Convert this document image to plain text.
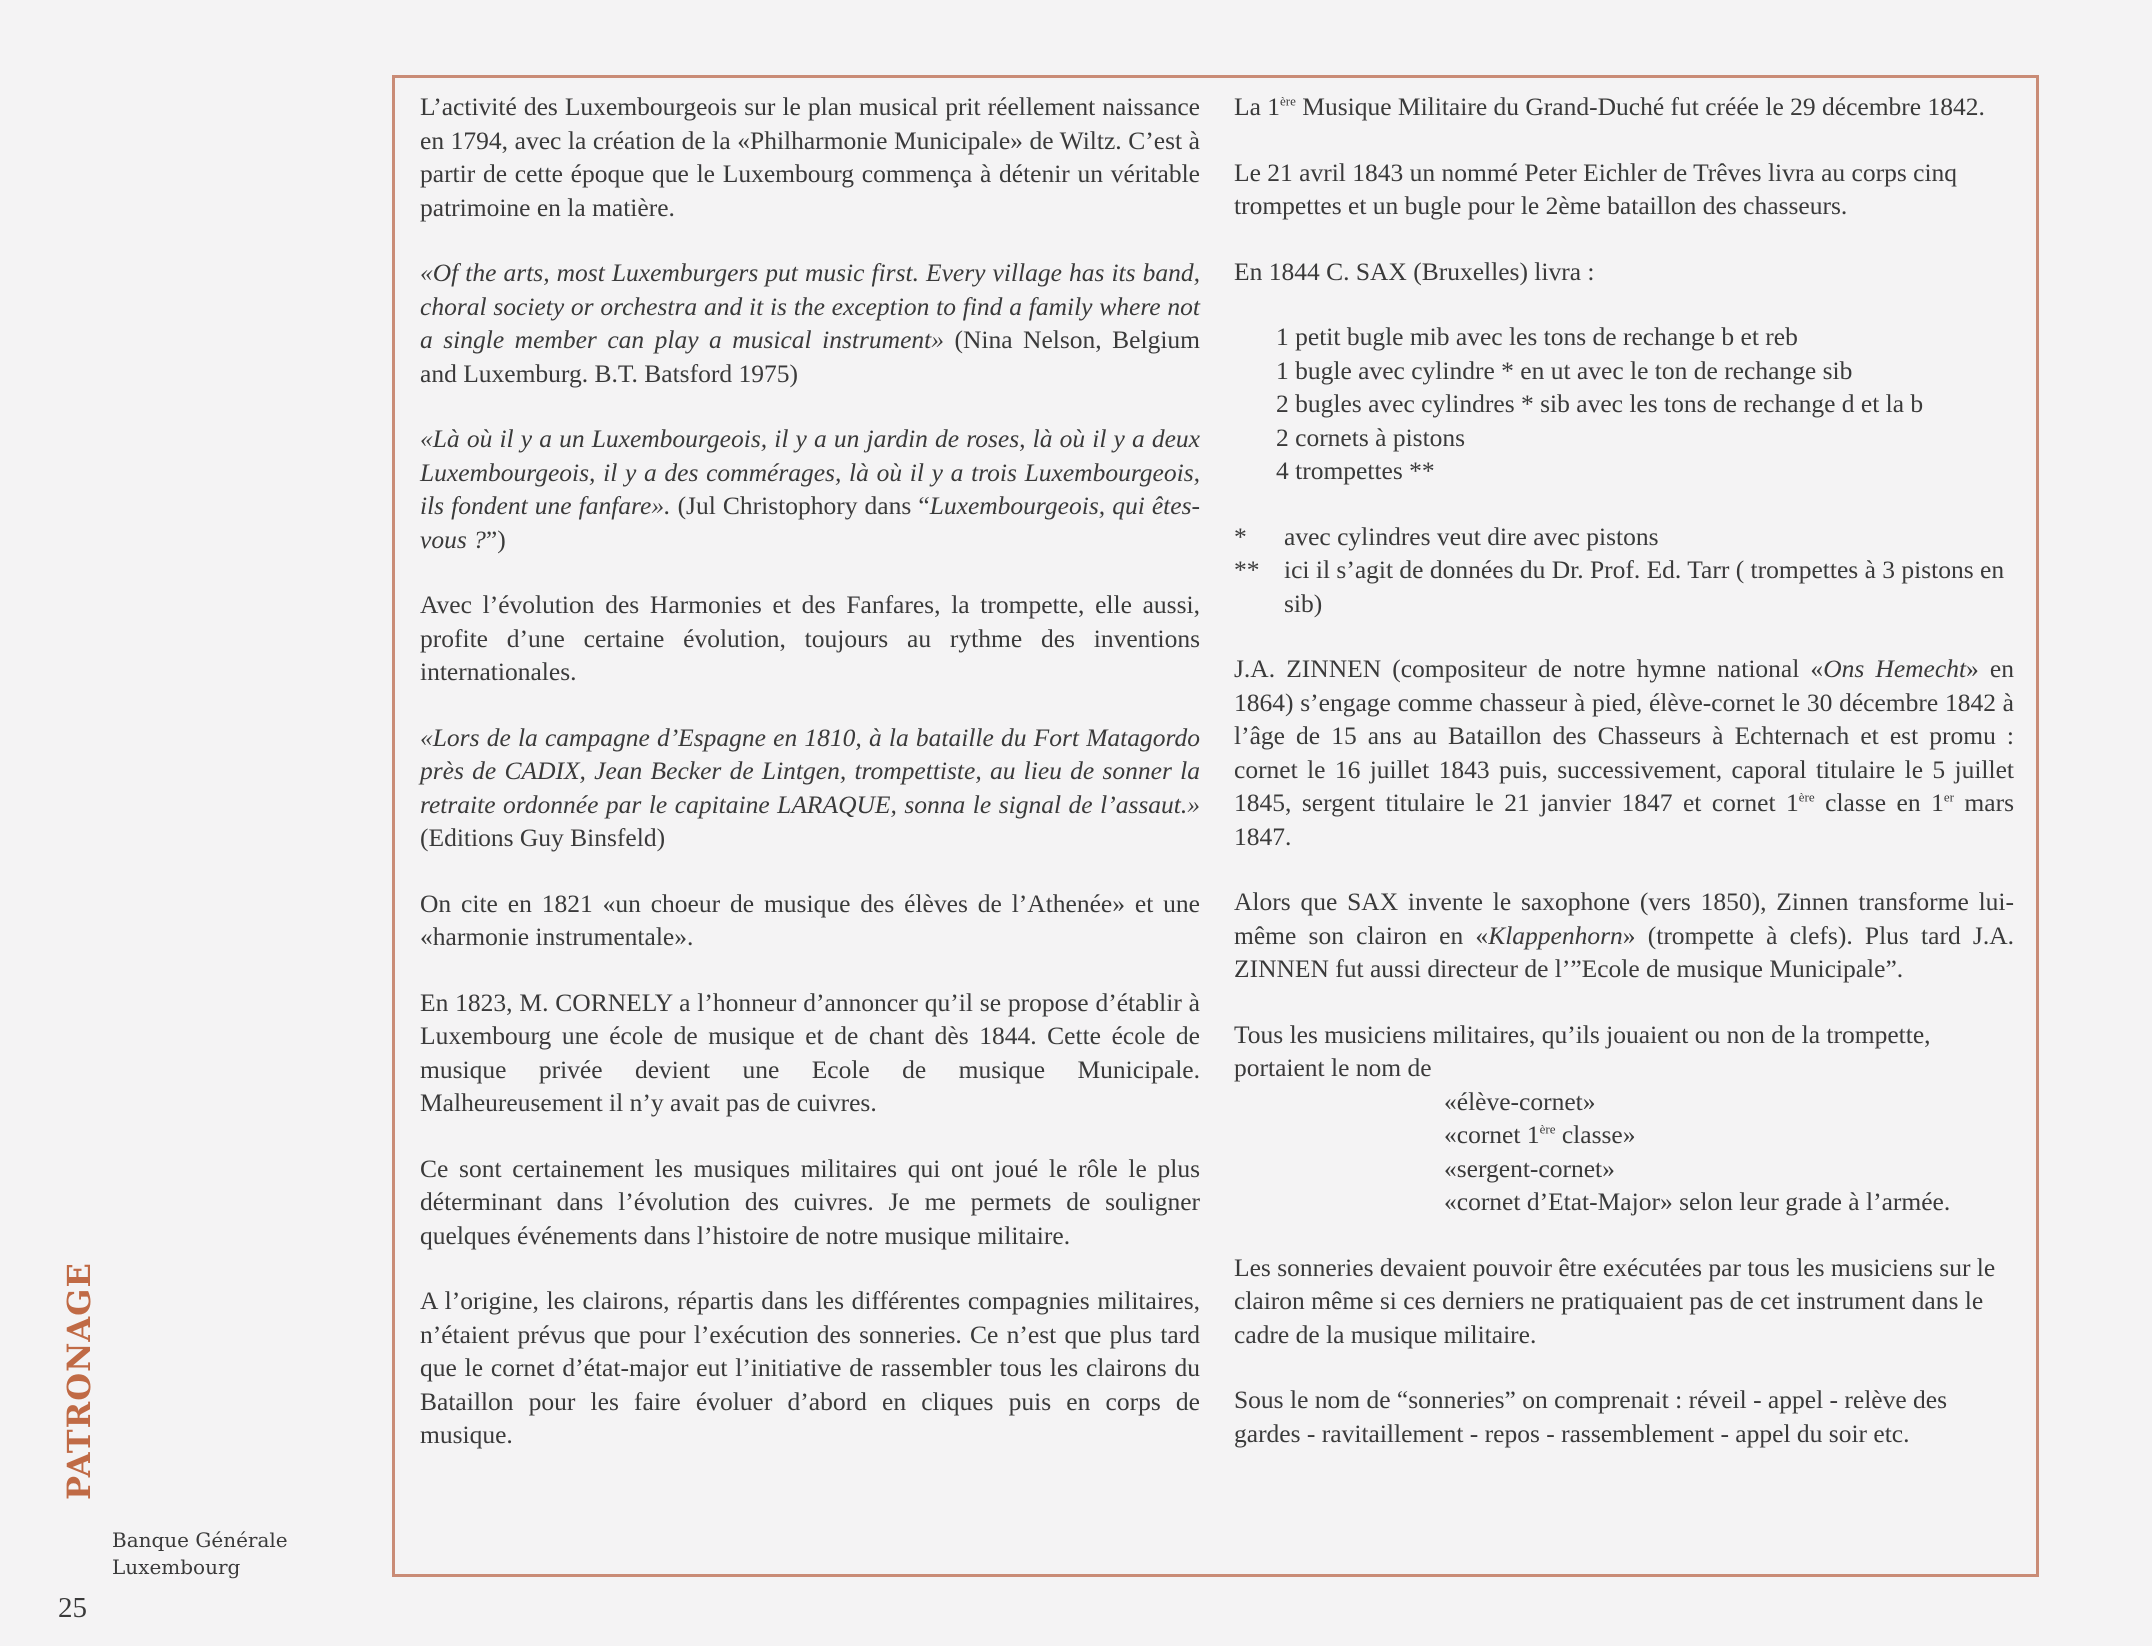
PATRONAGE
Banque Générale
Luxembourg
25

L’activité des Luxembourgeois sur le plan musical prit réellement naissance en 1794, avec la création de la «Philharmonie Municipale» de Wiltz. C’est à partir de cette époque que le Luxembourg commença à détenir un véritable patrimoine en la matière.

«Of the arts, most Luxemburgers put music first. Every village has its band, choral society or orchestra and it is the exception to find a family where not a single member can play a musical instrument» (Nina Nelson, Belgium and Luxemburg. B.T. Batsford 1975)

«Là où il y a un Luxembourgeois, il y a un jardin de roses, là où il y a deux Luxembourgeois, il y a des commérages, là où il y a trois Luxembourgeois, ils fondent une fanfare». (Jul Christophory dans “Luxembourgeois, qui êtes-vous ?”)

Avec l’évolution des Harmonies et des Fanfares, la trompette, elle aussi, profite d’une certaine évolution, toujours au rythme des inventions internationales.

«Lors de la campagne d’Espagne en 1810, à la bataille du Fort Matagordo près de CADIX, Jean Becker de Lintgen, trompettiste, au lieu de sonner la retraite ordonnée par le capitaine LARAQUE, sonna le signal de l’assaut.» (Editions Guy Binsfeld)

On cite en 1821 «un choeur de musique des élèves de l’Athenée» et une «harmonie instrumentale».

En 1823, M. CORNELY a l’honneur d’annoncer qu’il se propose d’établir à Luxembourg une école de musique et de chant dès 1844. Cette école de musique privée devient une Ecole de musique Municipale. Malheureusement il n’y avait pas de cuivres.

Ce sont certainement les musiques militaires qui ont joué le rôle le plus déterminant dans l’évolution des cuivres. Je me permets de souligner quelques événements dans l’histoire de notre musique militaire.

A l’origine, les clairons, répartis dans les différentes compagnies militaires, n’étaient prévus que pour l’exécution des sonneries. Ce n’est que plus tard que le cornet d’état-major eut l’initiative de rassembler tous les clairons du Bataillon pour les faire évoluer d’abord en cliques puis en corps de musique.

La 1ère Musique Militaire du Grand-Duché fut créée le 29 décembre 1842.

Le 21 avril 1843 un nommé Peter Eichler de Trêves livra au corps cinq trompettes et un bugle pour le 2ème bataillon des chasseurs.

En 1844 C. SAX (Bruxelles) livra :

1 petit bugle mib avec les tons de rechange b et reb
1 bugle avec cylindre * en ut avec le ton de rechange sib
2 bugles avec cylindres * sib avec les tons de rechange d et la b
2 cornets à pistons
4 trompettes **
*	avec cylindres veut dire avec pistons
** ici il s’agit de données du Dr. Prof. Ed. Tarr ( trompettes à 3 pistons en sib)

J.A. ZINNEN (compositeur de notre hymne national «Ons Hemecht» en 1864) s’engage comme chasseur à pied, élève-cornet le 30 décembre 1842 à l’âge de 15 ans au Bataillon des Chasseurs à Echternach et est promu : cornet le 16 juillet 1843 puis, successivement, caporal titulaire le 5 juillet 1845, sergent titulaire le 21 janvier 1847 et cornet 1ère classe en 1er mars 1847.

Alors que SAX invente le saxophone (vers 1850), Zinnen transforme lui-même son clairon en «Klappenhorn» (trompette à clefs). Plus tard J.A. ZINNEN fut aussi directeur de l’”Ecole de musique Municipale”.

Tous les musiciens militaires, qu’ils jouaient ou non de la trompette, portaient le nom de

«élève-cornet»
«cornet 1ère classe»
«sergent-cornet»
«cornet d’Etat-Major» selon leur grade à l’armée.

Les sonneries devaient pouvoir être exécutées par tous les musiciens sur le clairon même si ces derniers ne pratiquaient pas de cet instrument dans le cadre de la musique militaire.

Sous le nom de “sonneries” on comprenait : réveil - appel - relève des gardes - ravitaillement - repos - rassemblement - appel du soir etc.
